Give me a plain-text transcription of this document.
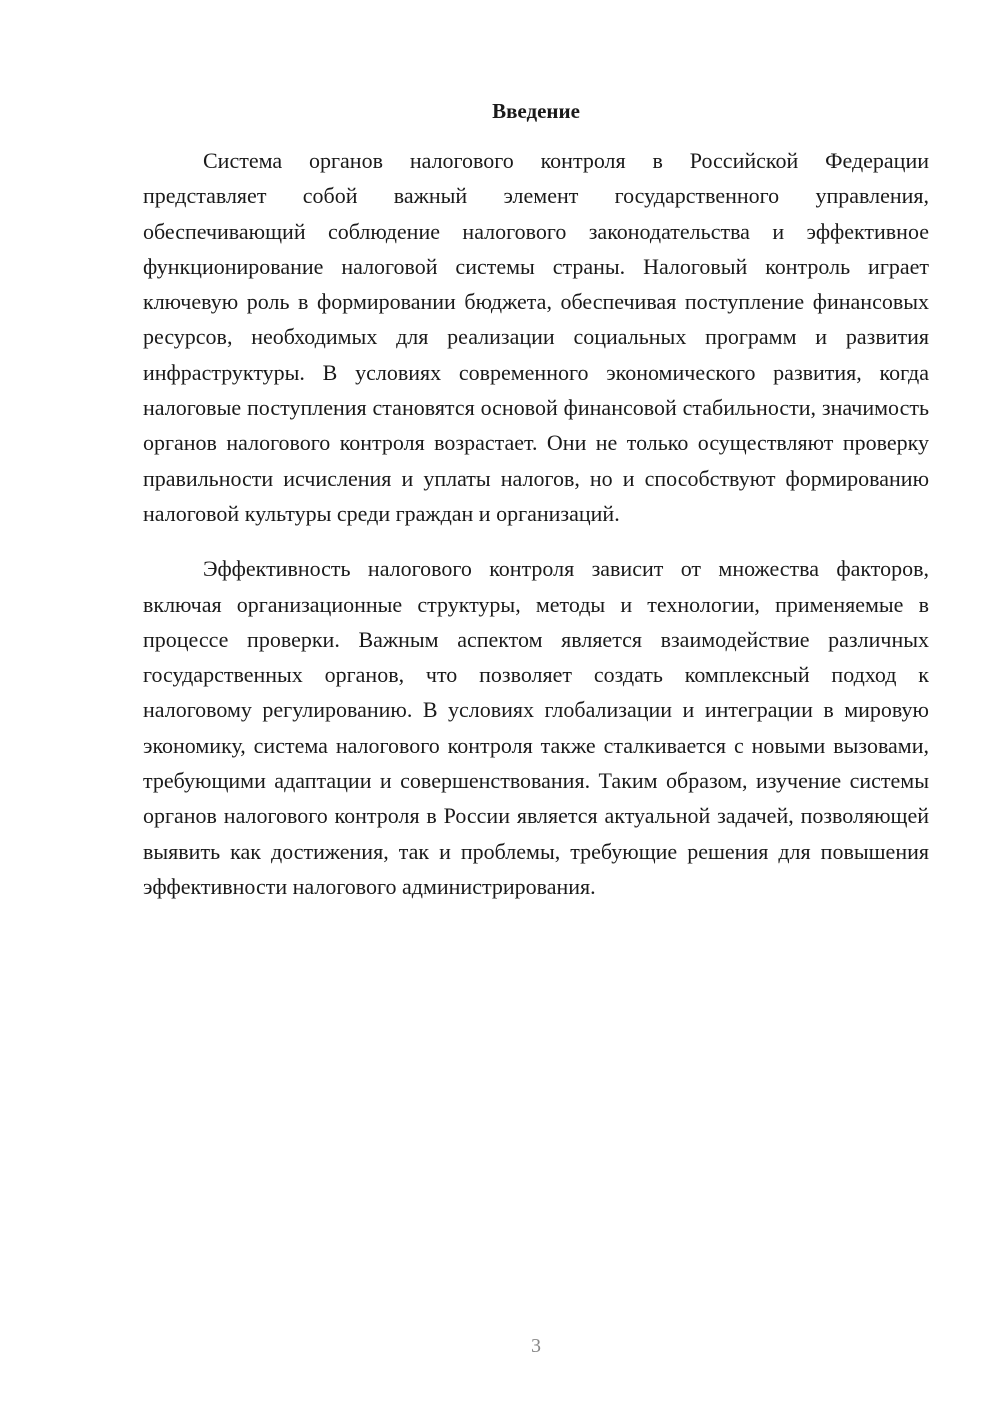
Введение

Система органов налогового контроля в Российской Федерации представляет собой важный элемент государственного управления, обеспечивающий соблюдение налогового законодательства и эффективное функционирование налоговой системы страны. Налоговый контроль играет ключевую роль в формировании бюджета, обеспечивая поступление финансовых ресурсов, необходимых для реализации социальных программ и развития инфраструктуры. В условиях современного экономического развития, когда налоговые поступления становятся основой финансовой стабильности, значимость органов налогового контроля возрастает. Они не только осуществляют проверку правильности исчисления и уплаты налогов, но и способствуют формированию налоговой культуры среди граждан и организаций.

Эффективность налогового контроля зависит от множества факторов, включая организационные структуры, методы и технологии, применяемые в процессе проверки. Важным аспектом является взаимодействие различных государственных органов, что позволяет создать комплексный подход к налоговому регулированию. В условиях глобализации и интеграции в мировую экономику, система налогового контроля также сталкивается с новыми вызовами, требующими адаптации и совершенствования. Таким образом, изучение системы органов налогового контроля в России является актуальной задачей, позволяющей выявить как достижения, так и проблемы, требующие решения для повышения эффективности налогового администрирования.

3
